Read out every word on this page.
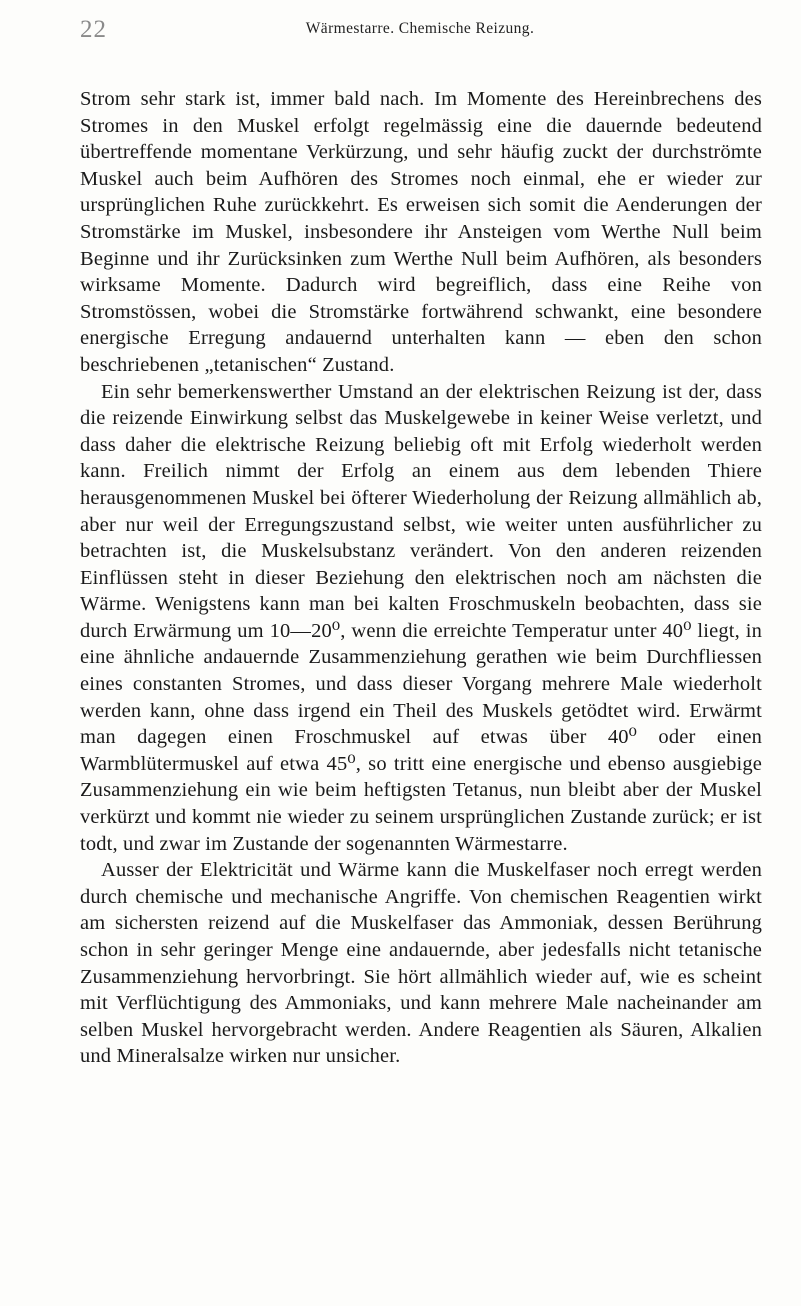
22	Wärmestarre. Chemische Reizung.

Strom sehr stark ist, immer bald nach. Im Momente des Hereinbrechens des Stromes in den Muskel erfolgt regelmässig eine die dauernde bedeutend übertreffende momentane Verkürzung, und sehr häufig zuckt der durchströmte Muskel auch beim Aufhören des Stromes noch einmal, ehe er wieder zur ursprünglichen Ruhe zurückkehrt. Es erweisen sich somit die Aenderungen der Stromstärke im Muskel, insbesondere ihr Ansteigen vom Werthe Null beim Beginne und ihr Zurücksinken zum Werthe Null beim Aufhören, als besonders wirksame Momente. Dadurch wird begreiflich, dass eine Reihe von Stromstössen, wobei die Stromstärke fortwährend schwankt, eine besondere energische Erregung andauernd unterhalten kann — eben den schon beschriebenen „tetanischen“ Zustand.

Ein sehr bemerkenswerther Umstand an der elektrischen Reizung ist der, dass die reizende Einwirkung selbst das Muskelgewebe in keiner Weise verletzt, und dass daher die elektrische Reizung beliebig oft mit Erfolg wiederholt werden kann. Freilich nimmt der Erfolg an einem aus dem lebenden Thiere herausgenommenen Muskel bei öfterer Wiederholung der Reizung allmählich ab, aber nur weil der Erregungszustand selbst, wie weiter unten ausführlicher zu betrachten ist, die Muskelsubstanz verändert. Von den anderen reizenden Einflüssen steht in dieser Beziehung den elektrischen noch am nächsten die Wärme. Wenigstens kann man bei kalten Froschmuskeln beobachten, dass sie durch Erwärmung um 10—20⁰, wenn die erreichte Temperatur unter 40⁰ liegt, in eine ähnliche andauernde Zusammenziehung gerathen wie beim Durchfliessen eines constanten Stromes, und dass dieser Vorgang mehrere Male wiederholt werden kann, ohne dass irgend ein Theil des Muskels getödtet wird. Erwärmt man dagegen einen Froschmuskel auf etwas über 40⁰ oder einen Warmblütermuskel auf etwa 45⁰, so tritt eine energische und ebenso ausgiebige Zusammenziehung ein wie beim heftigsten Tetanus, nun bleibt aber der Muskel verkürzt und kommt nie wieder zu seinem ursprünglichen Zustande zurück; er ist todt, und zwar im Zustande der sogenannten Wärmestarre.

Ausser der Elektricität und Wärme kann die Muskelfaser noch erregt werden durch chemische und mechanische Angriffe. Von chemischen Reagentien wirkt am sichersten reizend auf die Muskelfaser das Ammoniak, dessen Berührung schon in sehr geringer Menge eine andauernde, aber jedesfalls nicht tetanische Zusammenziehung hervorbringt. Sie hört allmählich wieder auf, wie es scheint mit Verflüchtigung des Ammoniaks, und kann mehrere Male nacheinander am selben Muskel hervorgebracht werden. Andere Reagentien als Säuren, Alkalien und Mineralsalze wirken nur unsicher.
